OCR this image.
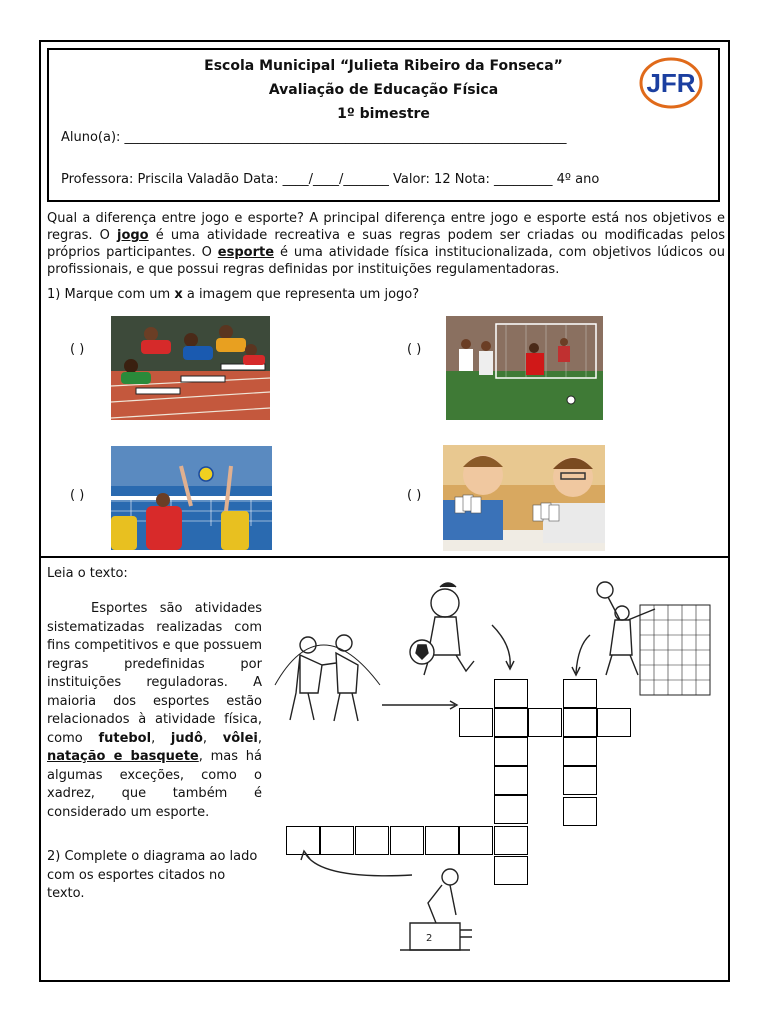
Escola Municipal “Julieta Ribeiro da Fonseca”
Avaliação de Educação Física
1º bimestre
JFR
Aluno(a): ____________________________________________________________________
Professora: Priscila Valadão Data: ____/____/_______ Valor: 12 Nota: _________ 4º ano
Qual a diferença entre jogo e esporte? A principal diferença entre jogo e esporte está nos objetivos e regras. O jogo é uma atividade recreativa e suas regras podem ser criadas ou modificadas pelos próprios participantes. O esporte é uma atividade física institucionalizada, com objetivos lúdicos ou profissionais, e que possui regras definidas por instituições regulamentadoras.
1) Marque com um x a imagem que representa um jogo?
( )	( )
( )	( )
Leia o texto:
Esportes são atividades sistematizadas realizadas com fins competitivos e que possuem regras predefinidas por instituições reguladoras. A maioria dos esportes estão relacionados à atividade física, como futebol, judô, vôlei, natação e basquete, mas há algumas exceções, como o xadrez, que também é considerado um esporte.
2) Complete o diagrama ao lado com os esportes citados no texto.
2
